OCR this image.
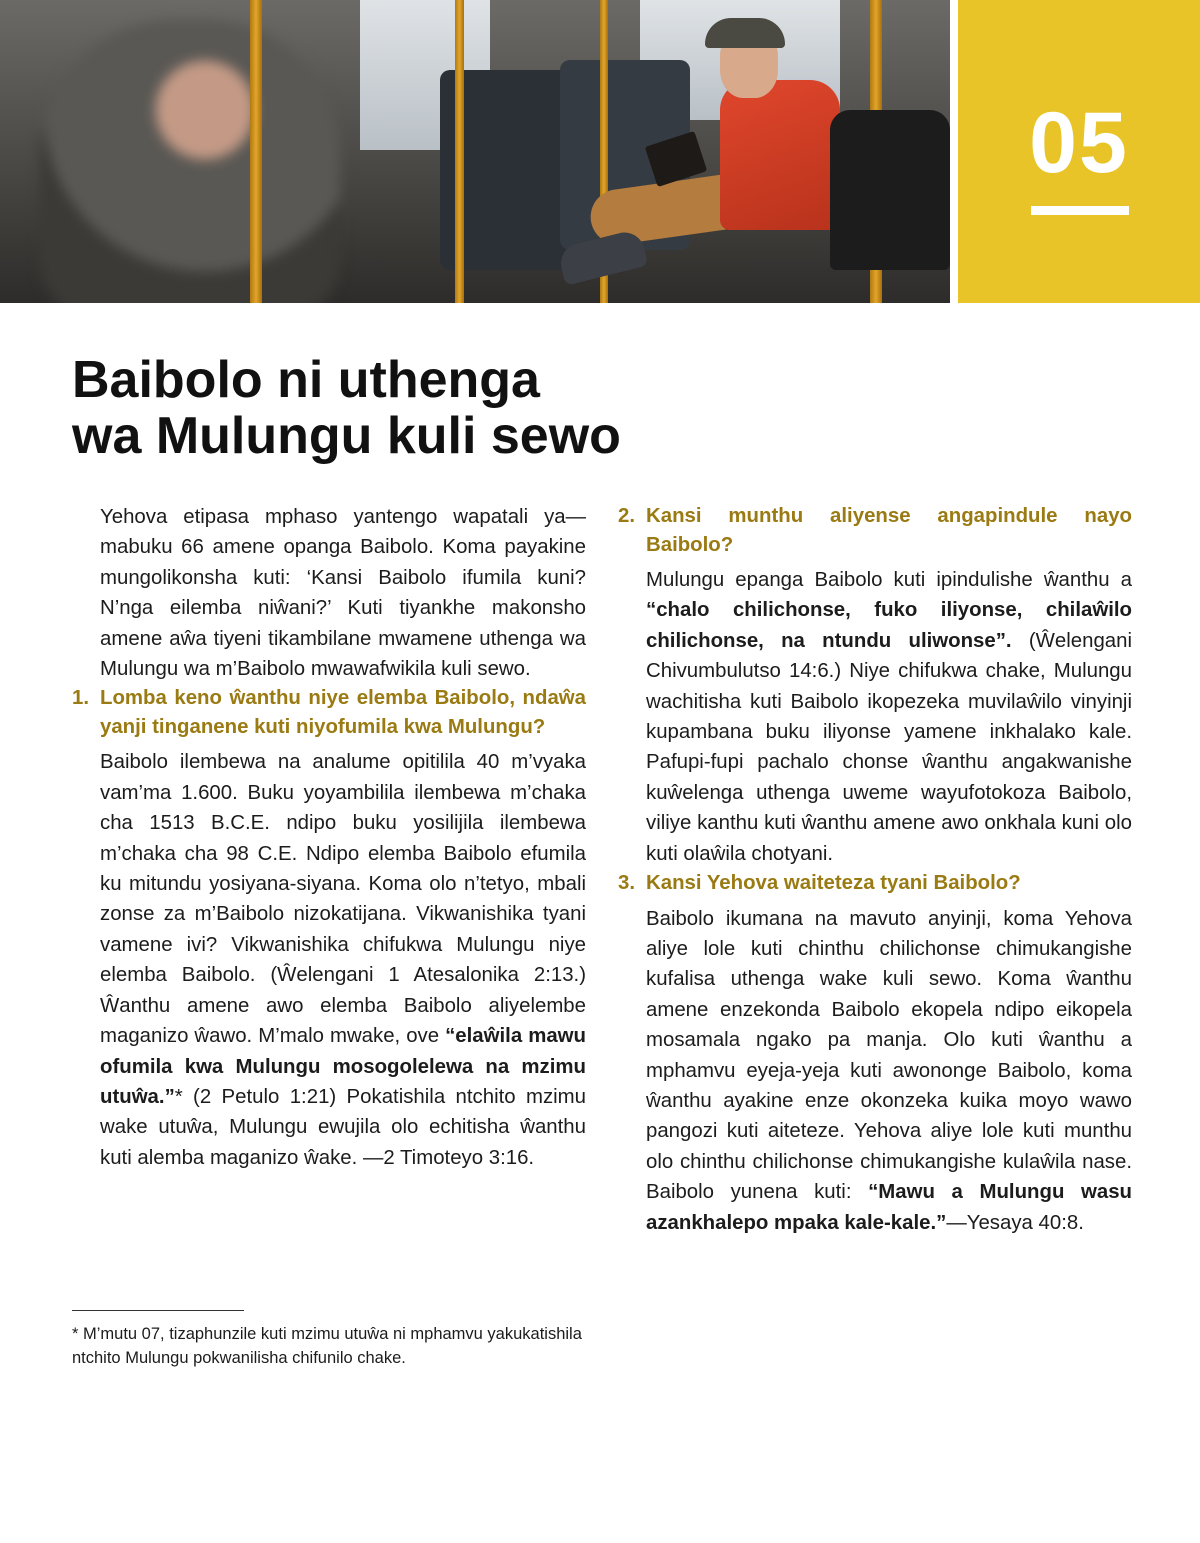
05
Baibolo ni uthenga
wa Mulungu kuli sewo

Yehova etipasa mphaso yantengo wapatali ya—mabuku 66 amene opanga Baibolo. Koma payakine mungolikonsha kuti: ‘Kansi Baibolo ifumila kuni? N’nga eilemba niŵani?’ Kuti tiyankhe makonsho amene aŵa tiyeni tikambilane mwamene uthenga wa Mulungu wa m’Baibolo mwawafwikila kuli sewo.

1. Lomba keno ŵanthu niye elemba Baibolo, ndaŵa yanji tinganene kuti niyofumila kwa Mulungu?

Baibolo ilembewa na analume opitilila 40 m’vyaka vam’ma 1.600. Buku yoyambilila ilembewa m’chaka cha 1513 B.C.E. ndipo buku yosilijila ilembewa m’chaka cha 98 C.E. Ndipo elemba Baibolo efumila ku mitundu yosiyana-siyana. Koma olo n’tetyo, mbali zonse za m’Baibolo nizokatijana. Vikwanishika tyani vamene ivi? Vikwanishika chifukwa Mulungu niye elemba Baibolo. (Ŵelengani 1 Atesalonika 2:13.) Ŵanthu amene awo elemba Baibolo aliyelembe maganizo ŵawo. M’malo mwake, ove “elaŵila mawu ofumila kwa Mulungu mosogolelewa na mzimu utuŵa.”* (2 Petulo 1:21) Pokatishila ntchito mzimu wake utuŵa, Mulungu ewujila olo echitisha ŵanthu kuti alemba maganizo ŵake. —2 Timoteyo 3:16.

2. Kansi munthu aliyense angapindule nayo Baibolo?

Mulungu epanga Baibolo kuti ipindulishe ŵanthu a “chalo chilichonse, fuko iliyonse, chilaŵilo chilichonse, na ntundu uliwonse”. (Ŵelengani Chivumbulutso 14:6.) Niye chifukwa chake, Mulungu wachitisha kuti Baibolo ikopezeka muvilaŵilo vinyinji kupambana buku iliyonse yamene inkhalako kale. Pafupi-fupi pachalo chonse ŵanthu angakwanishe kuŵelenga uthenga uweme wayufotokoza Baibolo, viliye kanthu kuti ŵanthu amene awo onkhala kuni olo kuti olaŵila chotyani.

3. Kansi Yehova waiteteza tyani Baibolo?

Baibolo ikumana na mavuto anyinji, koma Yehova aliye lole kuti chinthu chilichonse chimukangishe kufalisa uthenga wake kuli sewo. Koma ŵanthu amene enzekonda Baibolo ekopela ndipo eikopela mosamala ngako pa manja. Olo kuti ŵanthu a mphamvu eyeja-yeja kuti awononge Baibolo, koma ŵanthu ayakine enze okonzeka kuika moyo wawo pangozi kuti aiteteze. Yehova aliye lole kuti munthu olo chinthu chilichonse chimukangishe kulaŵila nase. Baibolo yunena kuti: “Mawu a Mulungu wasu azankhalepo mpaka kale-kale.”—Yesaya 40:8.

* M’mutu 07, tizaphunzile kuti mzimu utuŵa ni mphamvu yakukatishila ntchito Mulungu pokwanilisha chifunilo chake.
